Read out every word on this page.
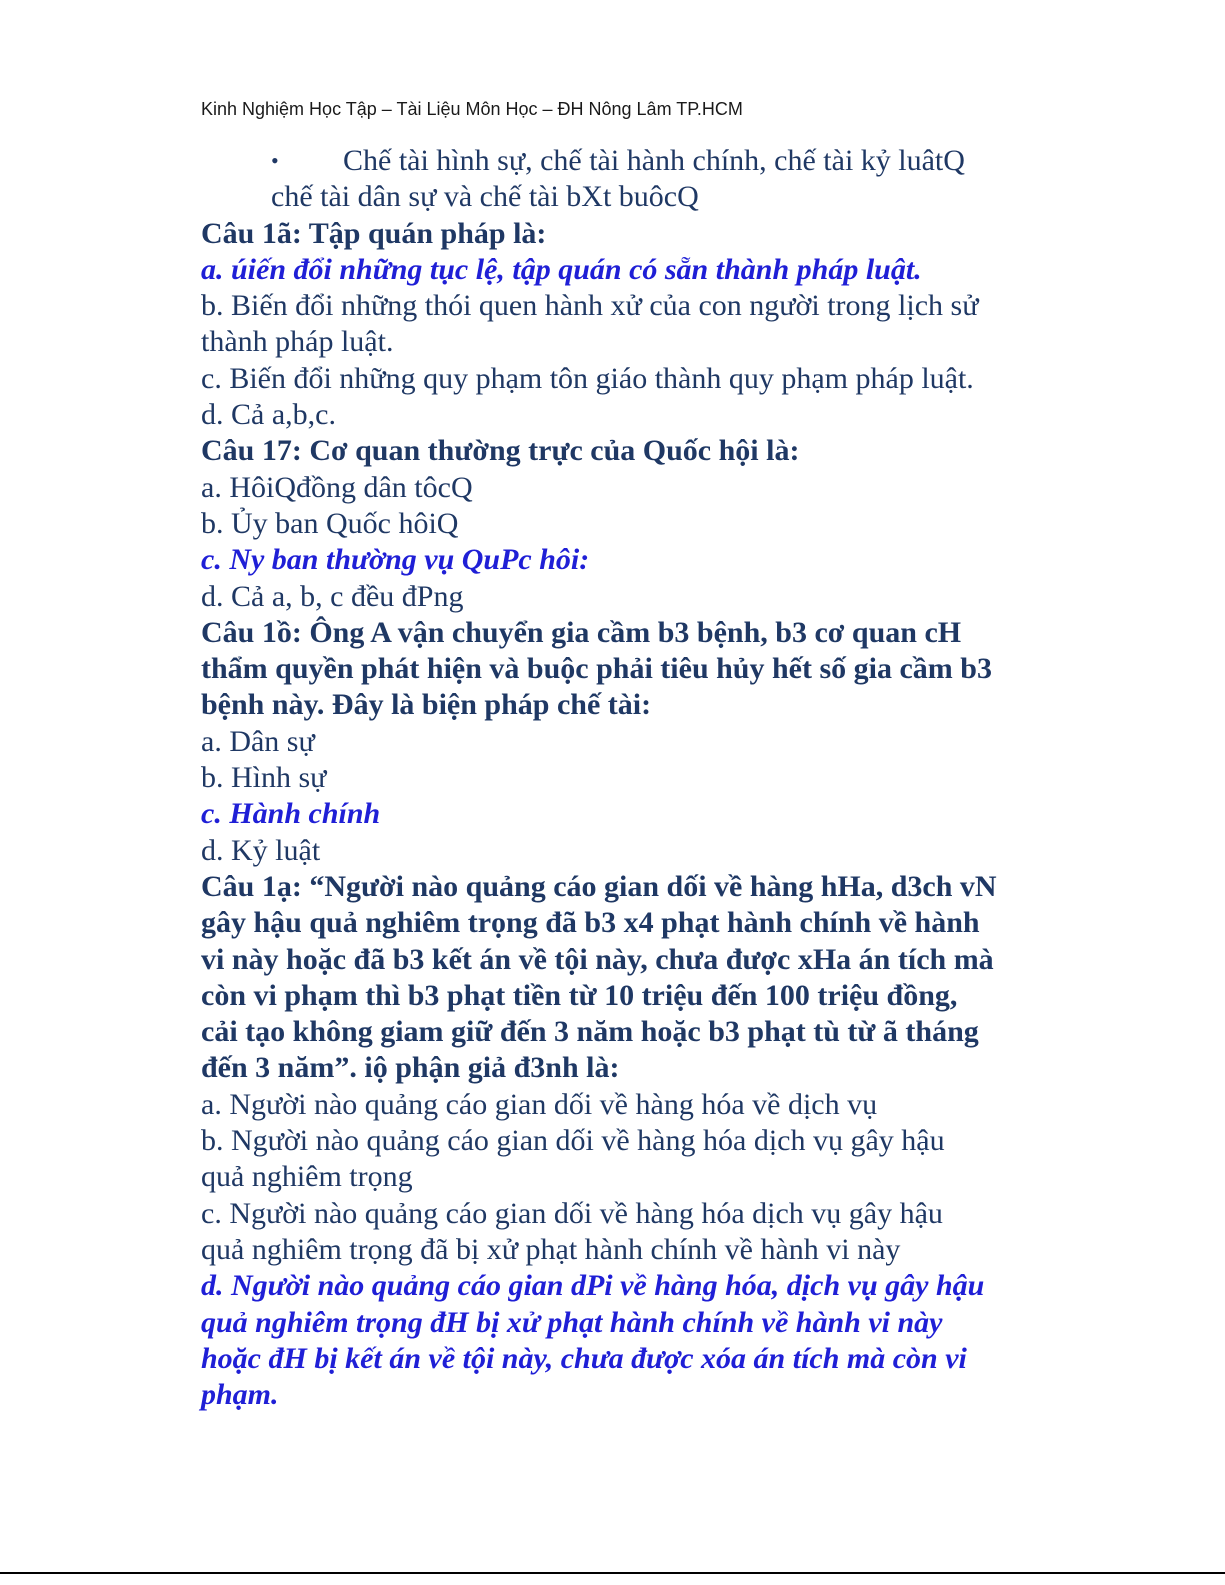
Kinh Nghiệm Học Tập – Tài Liệu Môn Học – ĐH Nông Lâm TP.HCM
• Chế tài hình sự, chế tài hành chính, chế tài kỷ luâtQ
chế tài dân sự và chế tài bXt buôcQ
Câu 1ã: Tập quán pháp là:
a. úiến đổi những tục lệ, tập quán có sẵn thành pháp luật.
b. Biến đổi những thói quen hành xử của con người trong lịch sử
thành pháp luật.
c. Biến đổi những quy phạm tôn giáo thành quy phạm pháp luật.
d. Cả a,b,c.
Câu 17: Cơ quan thường trực của Quốc hội là:
a. HôiQđồng dân tôcQ
b. Ủy ban Quốc hôiQ
c. Ny ban thường vụ QuPc hôi:
d. Cả a, b, c đều đPng
Câu 1ồ: Ông A vận chuyển gia cầm b3 bệnh, b3 cơ quan cH
thẩm quyền phát hiện và buộc phải tiêu hủy hết số gia cầm b3
bệnh này. Đây là biện pháp chế tài:
a. Dân sự
b. Hình sự
c. Hành chính
d. Kỷ luật
Câu 1ạ: “Người nào quảng cáo gian dối về hàng hHa, d3ch vN
gây hậu quả nghiêm trọng đã b3 x4 phạt hành chính về hành
vi này hoặc đã b3 kết án về tội này, chưa được xHa án tích mà
còn vi phạm thì b3 phạt tiền từ 10 triệu đến 100 triệu đồng,
cải tạo không giam giữ đến 3 năm hoặc b3 phạt tù từ ã tháng
đến 3 năm”. iộ phận giả đ3nh là:
a. Người nào quảng cáo gian dối về hàng hóa về dịch vụ
b. Người nào quảng cáo gian dối về hàng hóa dịch vụ gây hậu
quả nghiêm trọng
c. Người nào quảng cáo gian dối về hàng hóa dịch vụ gây hậu
quả nghiêm trọng đã bị xử phạt hành chính về hành vi này
d. Người nào quảng cáo gian dPi về hàng hóa, dịch vụ gây hậu
quả nghiêm trọng đH bị xử phạt hành chính về hành vi này
hoặc đH bị kết án về tội này, chưa được xóa án tích mà còn vi
phạm.
